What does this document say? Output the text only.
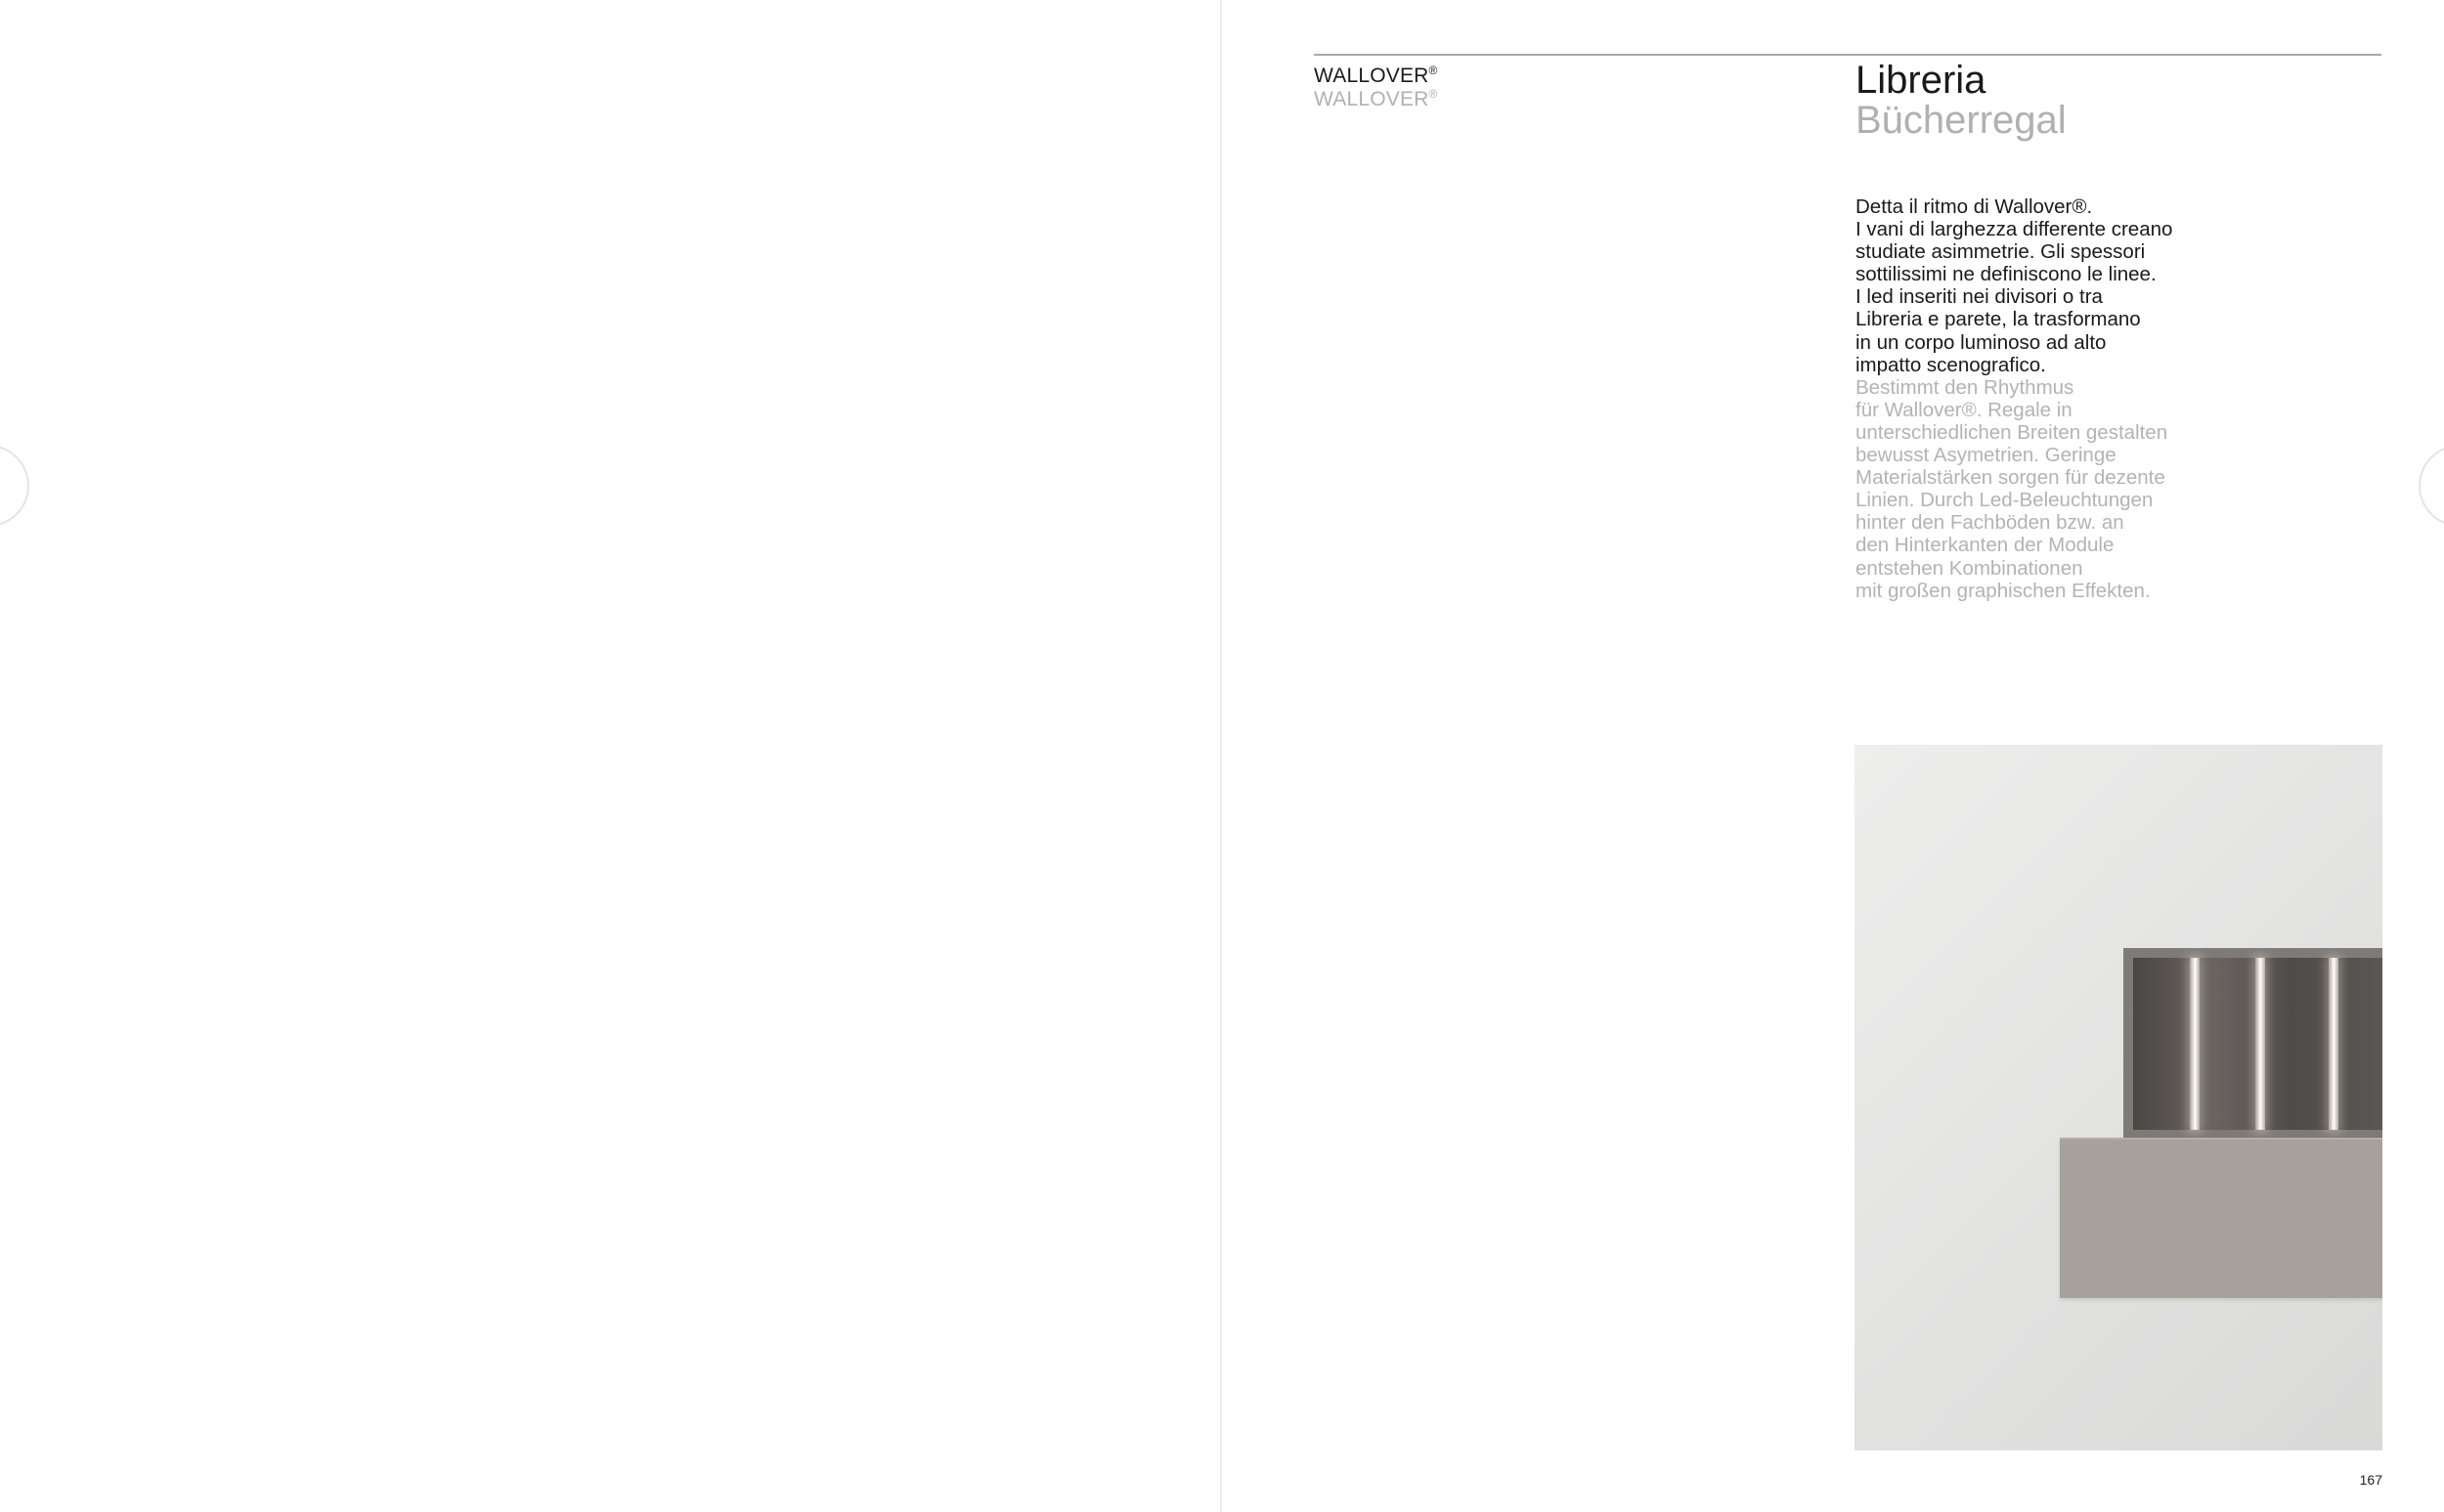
WALLOVER®
WALLOVER®	Libreria
Bücherregal
Detta il ritmo di Wallover®.
I vani di larghezza differente creano
studiate asimmetrie. Gli spessori
sottilissimi ne definiscono le linee.
I led inseriti nei divisori o tra
Libreria e parete, la trasformano
in un corpo luminoso ad alto
impatto scenografico.
Bestimmt den Rhythmus
für Wallover®. Regale in
unterschiedlichen Breiten gestalten
bewusst Asymetrien. Geringe
Materialstärken sorgen für dezente
Linien. Durch Led-Beleuchtungen
hinter den Fachböden bzw. an
den Hinterkanten der Module
entstehen Kombinationen
mit großen graphischen Effekten.
167
